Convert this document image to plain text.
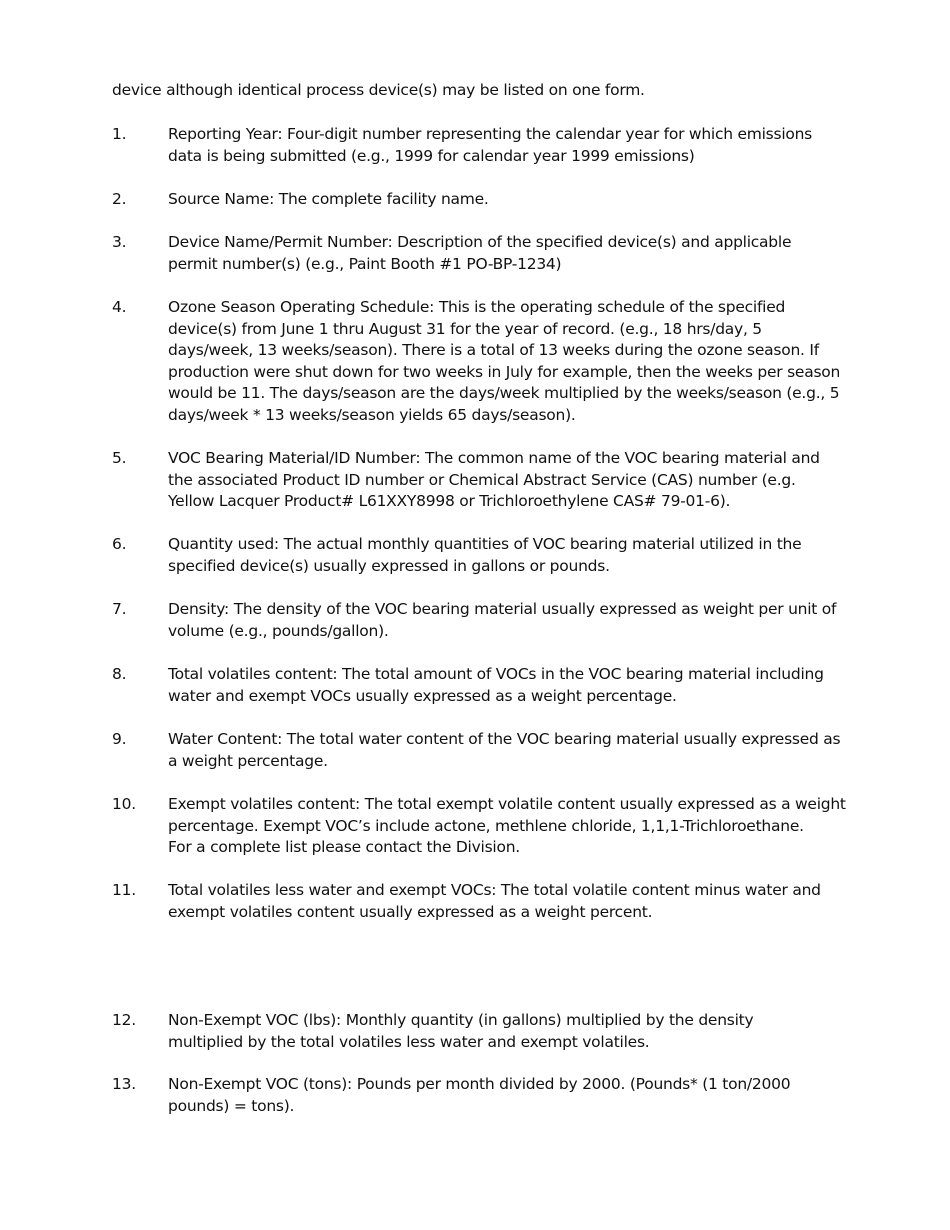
device although identical process device(s) may be listed on one form.
1.	Reporting Year: Four-digit number representing the calendar year for which emissions
data is being submitted (e.g., 1999 for calendar year 1999 emissions)
2.	Source Name: The complete facility name.
3.	Device Name/Permit Number: Description of the specified device(s) and applicable
permit number(s) (e.g., Paint Booth #1 PO-BP-1234)
4.	Ozone Season Operating Schedule: This is the operating schedule of the specified
device(s) from June 1 thru August 31 for the year of record. (e.g., 18 hrs/day, 5
days/week, 13 weeks/season). There is a total of 13 weeks during the ozone season. If
production were shut down for two weeks in July for example, then the weeks per season
would be 11. The days/season are the days/week multiplied by the weeks/season (e.g., 5
days/week * 13 weeks/season yields 65 days/season).
5.	VOC Bearing Material/ID Number: The common name of the VOC bearing material and
the associated Product ID number or Chemical Abstract Service (CAS) number (e.g.
Yellow Lacquer Product# L61XXY8998 or Trichloroethylene CAS# 79-01-6).
6.	Quantity used: The actual monthly quantities of VOC bearing material utilized in the
specified device(s) usually expressed in gallons or pounds.
7.	Density: The density of the VOC bearing material usually expressed as weight per unit of
volume (e.g., pounds/gallon).
8.	Total volatiles content: The total amount of VOCs in the VOC bearing material including
water and exempt VOCs usually expressed as a weight percentage.
9.	Water Content: The total water content of the VOC bearing material usually expressed as
a weight percentage.
10.	Exempt volatiles content: The total exempt volatile content usually expressed as a weight
percentage. Exempt VOC’s include actone, methlene chloride, 1,1,1-Trichloroethane.
For a complete list please contact the Division.
11.	Total volatiles less water and exempt VOCs: The total volatile content minus water and
exempt volatiles content usually expressed as a weight percent.
12.	Non-Exempt VOC (lbs): Monthly quantity (in gallons) multiplied by the density
multiplied by the total volatiles less water and exempt volatiles.
13.	Non-Exempt VOC (tons): Pounds per month divided by 2000. (Pounds* (1 ton/2000
pounds) = tons).
